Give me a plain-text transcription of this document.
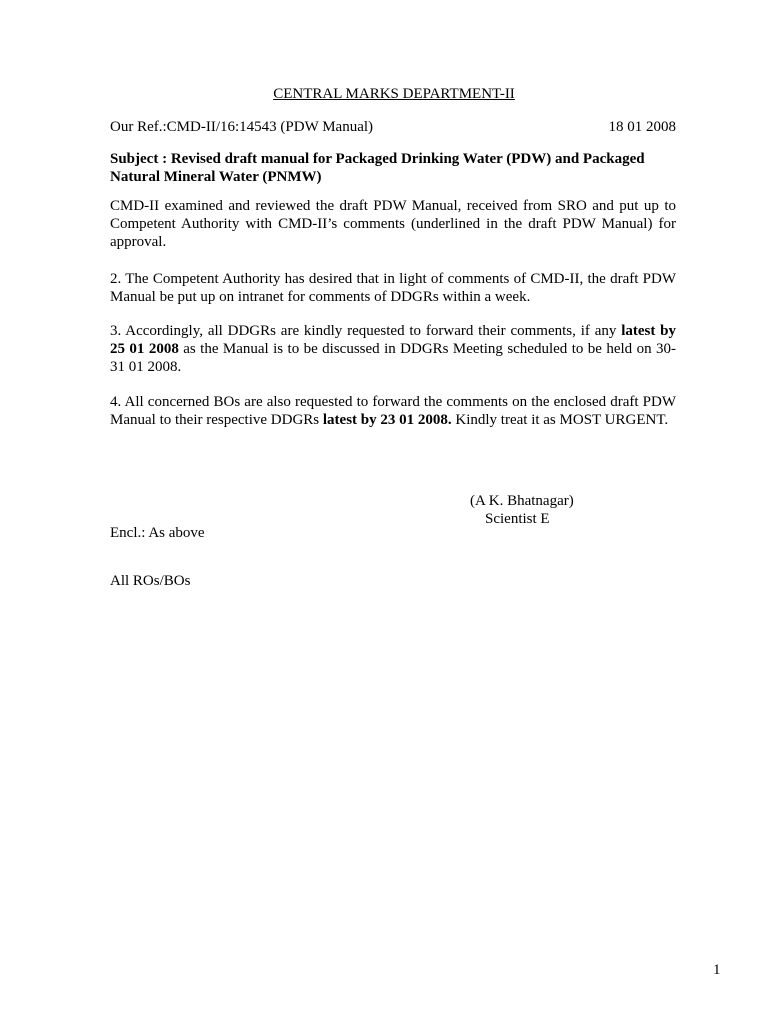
CENTRAL MARKS DEPARTMENT-II
Our Ref.:CMD-II/16:14543 (PDW Manual)	18 01 2008
Subject : Revised draft manual for Packaged Drinking Water (PDW) and Packaged Natural Mineral Water (PNMW)
CMD-II examined and reviewed the draft PDW Manual, received from SRO and put up to Competent Authority with CMD-II’s comments (underlined in the draft PDW Manual) for approval.
2. The Competent Authority has desired that in light of comments of CMD-II, the draft PDW Manual be put up on intranet for comments of DDGRs within a week.
3. Accordingly, all DDGRs are kindly requested to forward their comments, if any latest by 25 01 2008 as the Manual is to be discussed in DDGRs Meeting scheduled to be held on 30-31 01 2008.
4. All concerned BOs are also requested to forward the comments on the enclosed draft PDW Manual to their respective DDGRs latest by 23 01 2008. Kindly treat it as MOST URGENT.
(A K. Bhatnagar)
Scientist E
Encl.: As above
All ROs/BOs
1
